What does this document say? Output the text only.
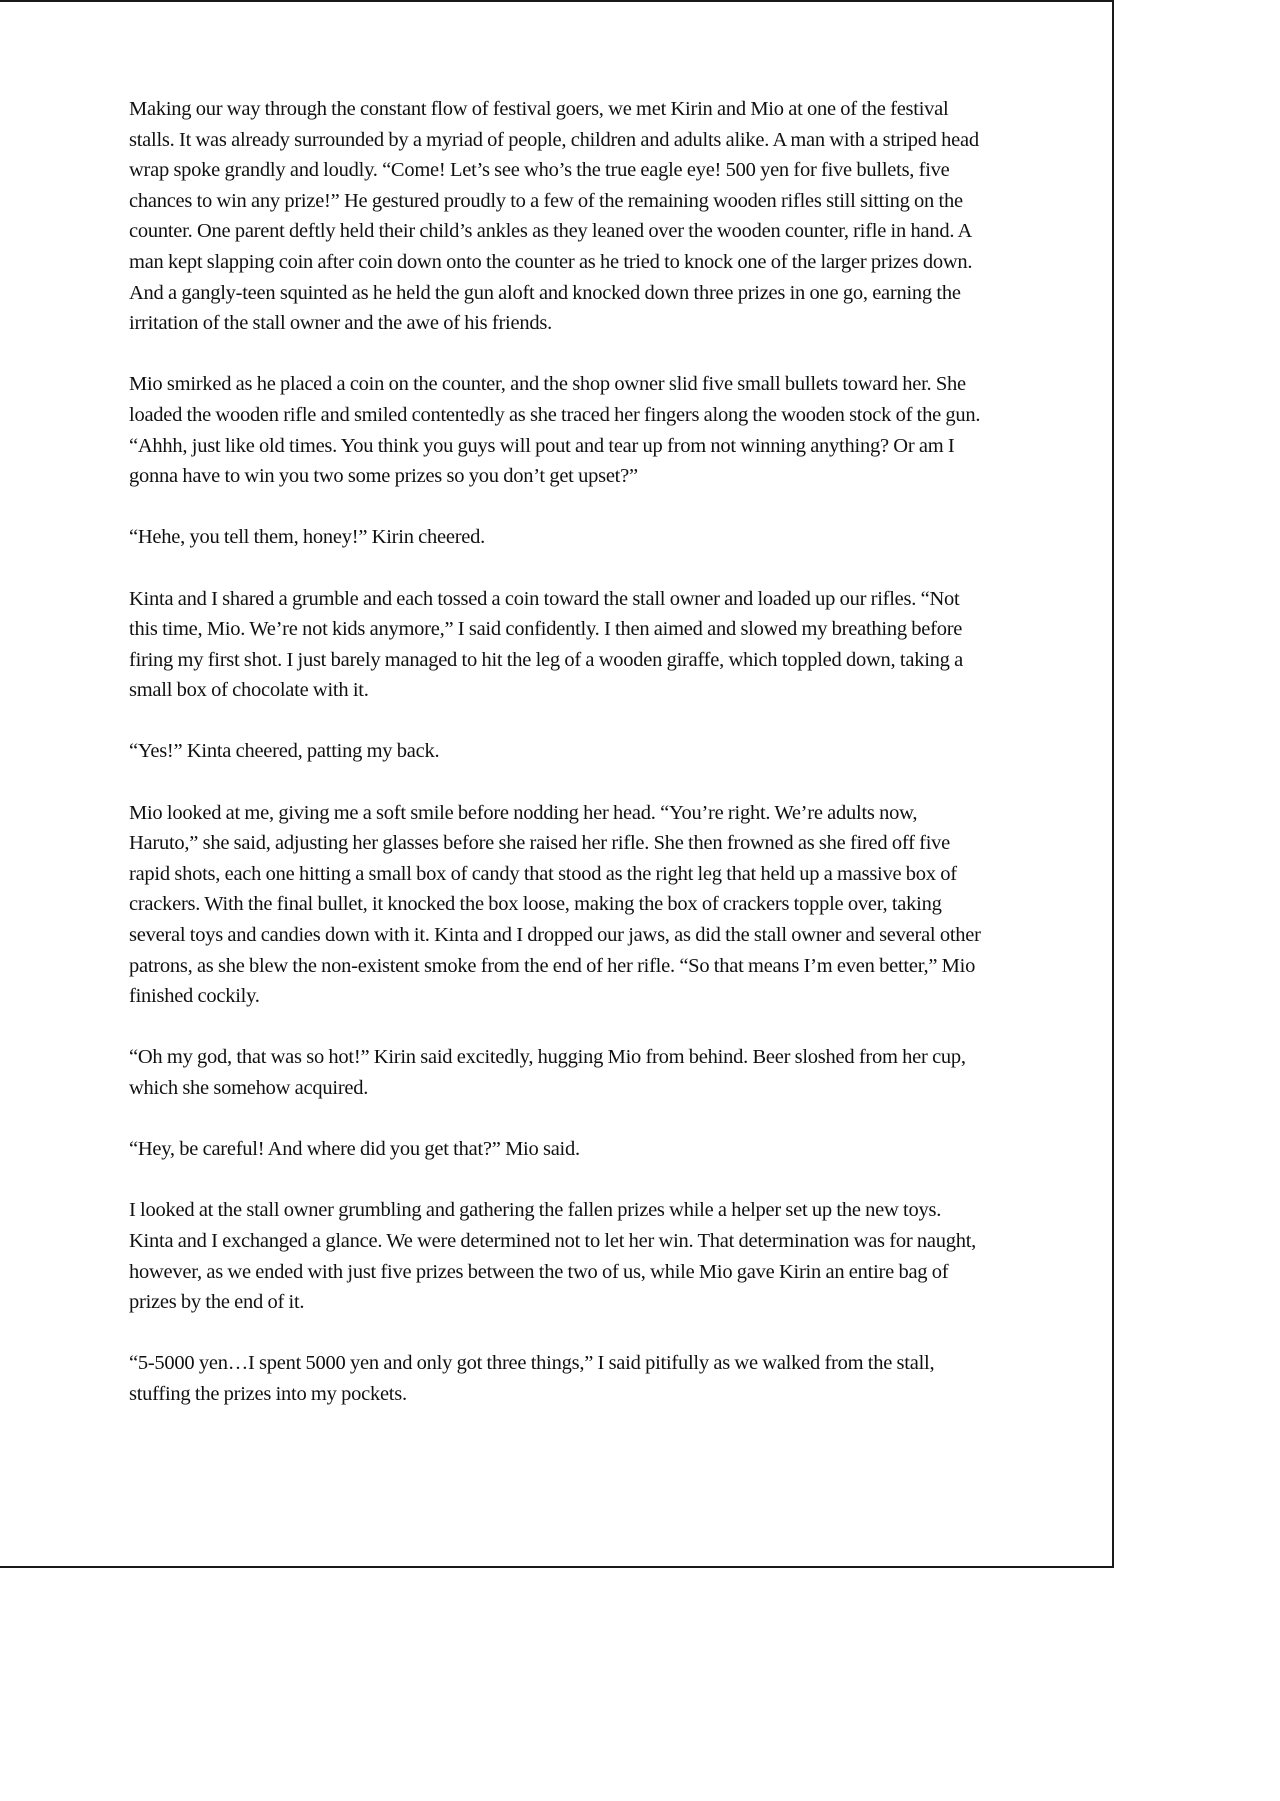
Making our way through the constant flow of festival goers, we met Kirin and Mio at one of the festival stalls. It was already surrounded by a myriad of people, children and adults alike. A man with a striped head wrap spoke grandly and loudly. “Come! Let’s see who’s the true eagle eye! 500 yen for five bullets, five chances to win any prize!” He gestured proudly to a few of the remaining wooden rifles still sitting on the counter. One parent deftly held their child’s ankles as they leaned over the wooden counter, rifle in hand. A man kept slapping coin after coin down onto the counter as he tried to knock one of the larger prizes down. And a gangly-teen squinted as he held the gun aloft and knocked down three prizes in one go, earning the irritation of the stall owner and the awe of his friends.

Mio smirked as he placed a coin on the counter, and the shop owner slid five small bullets toward her. She loaded the wooden rifle and smiled contentedly as she traced her fingers along the wooden stock of the gun. “Ahhh, just like old times. You think you guys will pout and tear up from not winning anything? Or am I gonna have to win you two some prizes so you don’t get upset?”

“Hehe, you tell them, honey!” Kirin cheered.

Kinta and I shared a grumble and each tossed a coin toward the stall owner and loaded up our rifles. “Not this time, Mio. We’re not kids anymore,” I said confidently. I then aimed and slowed my breathing before firing my first shot. I just barely managed to hit the leg of a wooden giraffe, which toppled down, taking a small box of chocolate with it.

“Yes!” Kinta cheered, patting my back.

Mio looked at me, giving me a soft smile before nodding her head. “You’re right. We’re adults now, Haruto,” she said, adjusting her glasses before she raised her rifle. She then frowned as she fired off five rapid shots, each one hitting a small box of candy that stood as the right leg that held up a massive box of crackers. With the final bullet, it knocked the box loose, making the box of crackers topple over, taking several toys and candies down with it. Kinta and I dropped our jaws, as did the stall owner and several other patrons, as she blew the non-existent smoke from the end of her rifle. “So that means I’m even better,” Mio finished cockily.

“Oh my god, that was so hot!” Kirin said excitedly, hugging Mio from behind. Beer sloshed from her cup, which she somehow acquired.

“Hey, be careful! And where did you get that?” Mio said.

I looked at the stall owner grumbling and gathering the fallen prizes while a helper set up the new toys. Kinta and I exchanged a glance. We were determined not to let her win. That determination was for naught, however, as we ended with just five prizes between the two of us, while Mio gave Kirin an entire bag of prizes by the end of it.

“5-5000 yen…I spent 5000 yen and only got three things,” I said pitifully as we walked from the stall, stuffing the prizes into my pockets.
